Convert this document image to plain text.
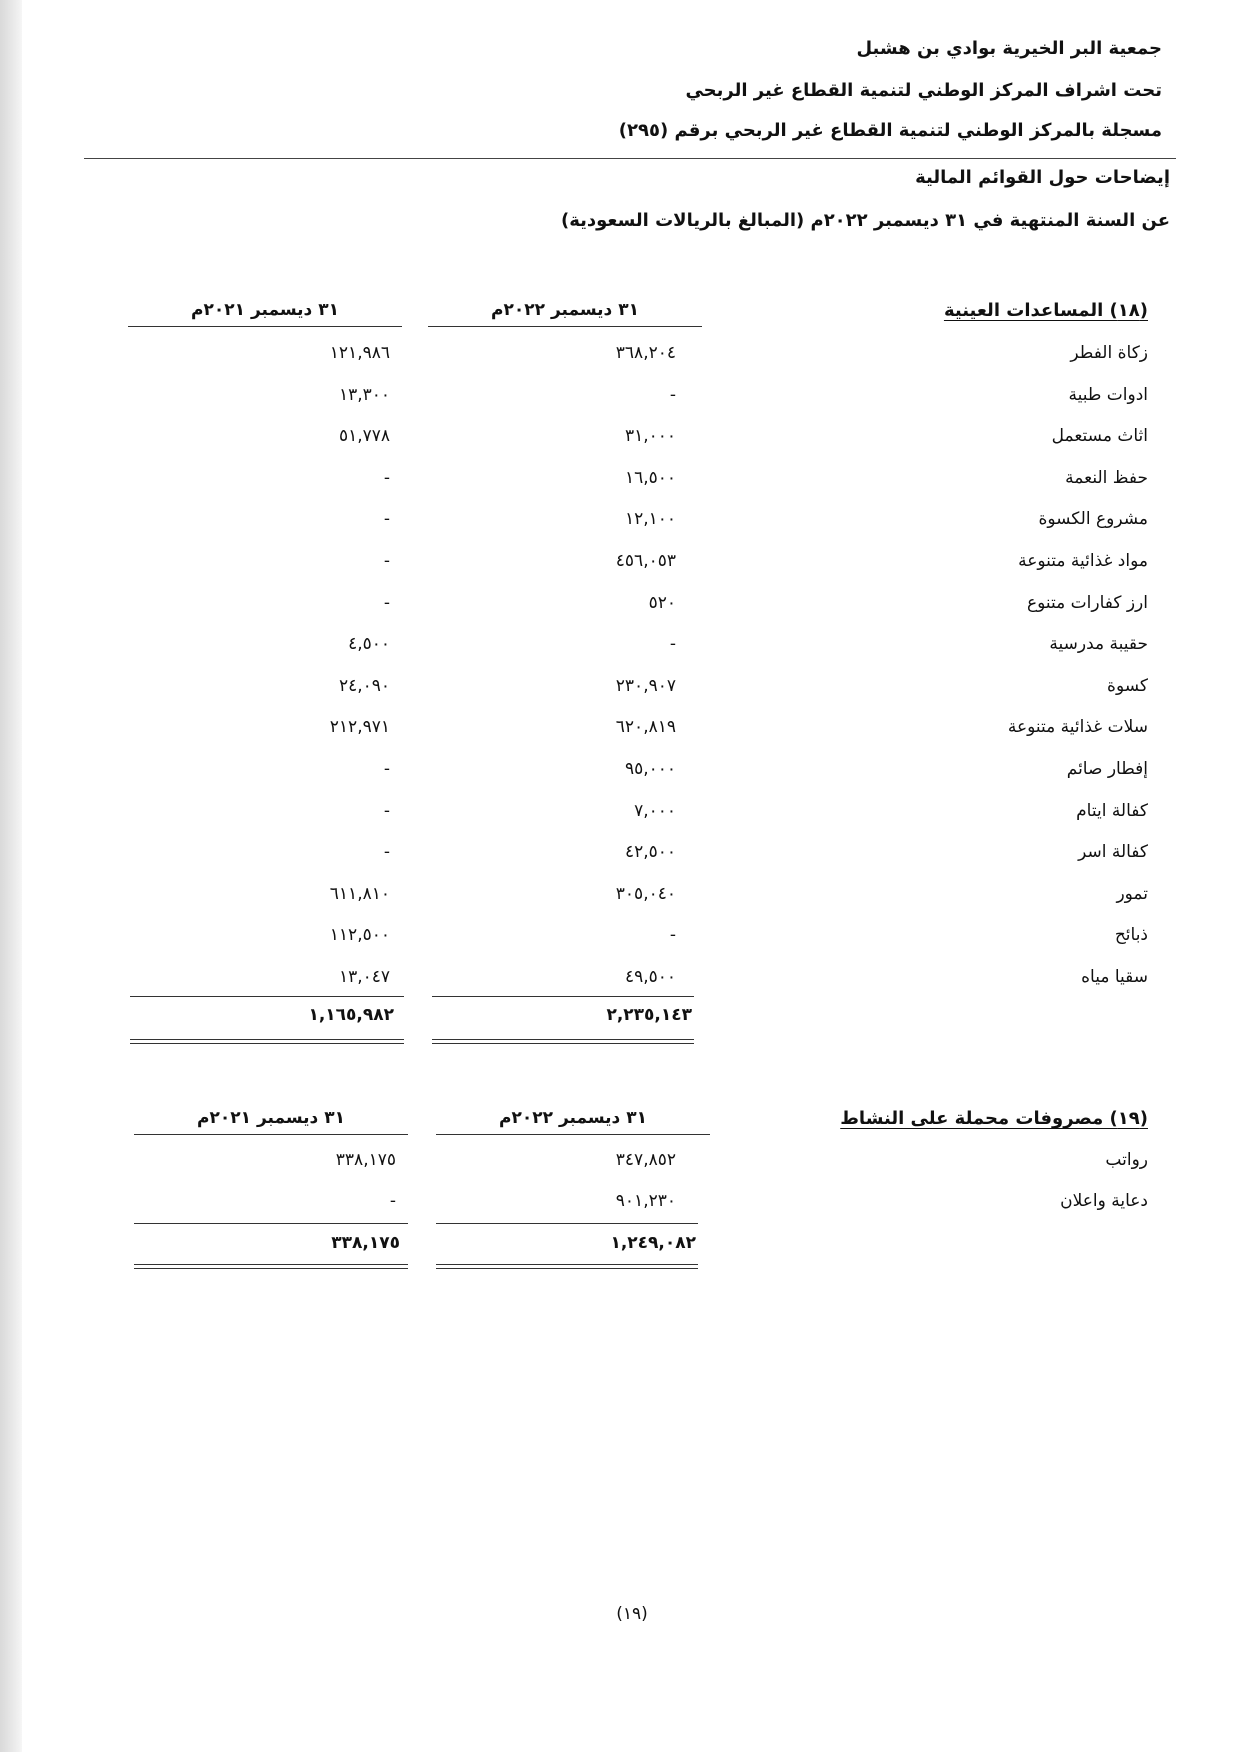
جمعية البر الخيرية بوادي بن هشبل
تحت اشراف المركز الوطني لتنمية القطاع غير الربحي
مسجلة بالمركز الوطني لتنمية القطاع غير الربحي برقم (٢٩٥)
إيضاحات حول القوائم المالية
عن السنة المنتهية في ٣١ ديسمبر ٢٠٢٢م (المبالغ بالريالات السعودية)
(١٨) المساعدات العينية
٣١ ديسمبر ٢٠٢٢م
٣١ ديسمبر ٢٠٢١م
زكاة الفطر
٣٦٨,٢٠٤
١٢١,٩٨٦
ادوات طبية
-
١٣,٣٠٠
اثاث مستعمل
٣١,٠٠٠
٥١,٧٧٨
حفظ النعمة
١٦,٥٠٠
-
مشروع الكسوة
١٢,١٠٠
-
مواد غذائية متنوعة
٤٥٦,٠٥٣
-
ارز كفارات متنوع
٥٢٠
-
حقيبة مدرسية
-
٤,٥٠٠
كسوة
٢٣٠,٩٠٧
٢٤,٠٩٠
سلات غذائية متنوعة
٦٢٠,٨١٩
٢١٢,٩٧١
إفطار صائم
٩٥,٠٠٠
-
كفالة ايتام
٧,٠٠٠
-
كفالة اسر
٤٢,٥٠٠
-
تمور
٣٠٥,٠٤٠
٦١١,٨١٠
ذبائح
-
١١٢,٥٠٠
سقيا مياه
٤٩,٥٠٠
١٣,٠٤٧
٢,٢٣٥,١٤٣
١,١٦٥,٩٨٢
(١٩) مصروفات محملة على النشاط
٣١ ديسمبر ٢٠٢٢م
٣١ ديسمبر ٢٠٢١م
رواتب
٣٤٧,٨٥٢
٣٣٨,١٧٥
دعاية واعلان
٩٠١,٢٣٠
-
١,٢٤٩,٠٨٢
٣٣٨,١٧٥
(١٩)
